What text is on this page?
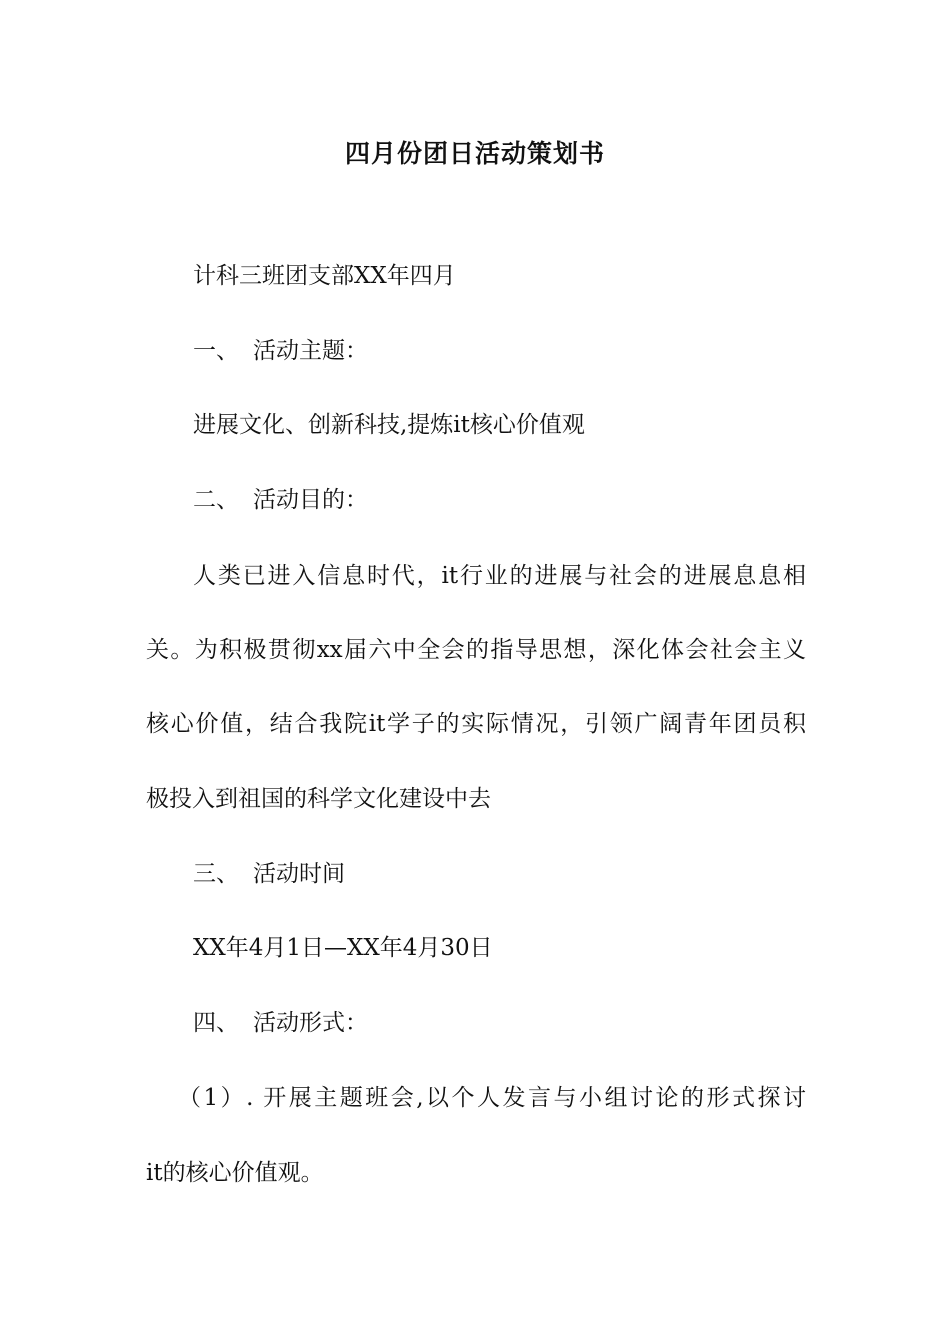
四月份团日活动策划书

计科三班团支部XX年四月

一、 活动主题：

进展文化、创新科技,提炼it核心价值观

二、 活动目的：

人类已进入信息时代，it行业的进展与社会的进展息息相

关。为积极贯彻xx届六中全会的指导思想，深化体会社会主义

核心价值，结合我院it学子的实际情况，引领广阔青年团员积

极投入到祖国的科学文化建设中去

三、 活动时间

XX年4月1日—XX年4月30日

四、 活动形式：

（1）. 开展主题班会,以个人发言与小组讨论的形式探讨

it的核心价值观。
